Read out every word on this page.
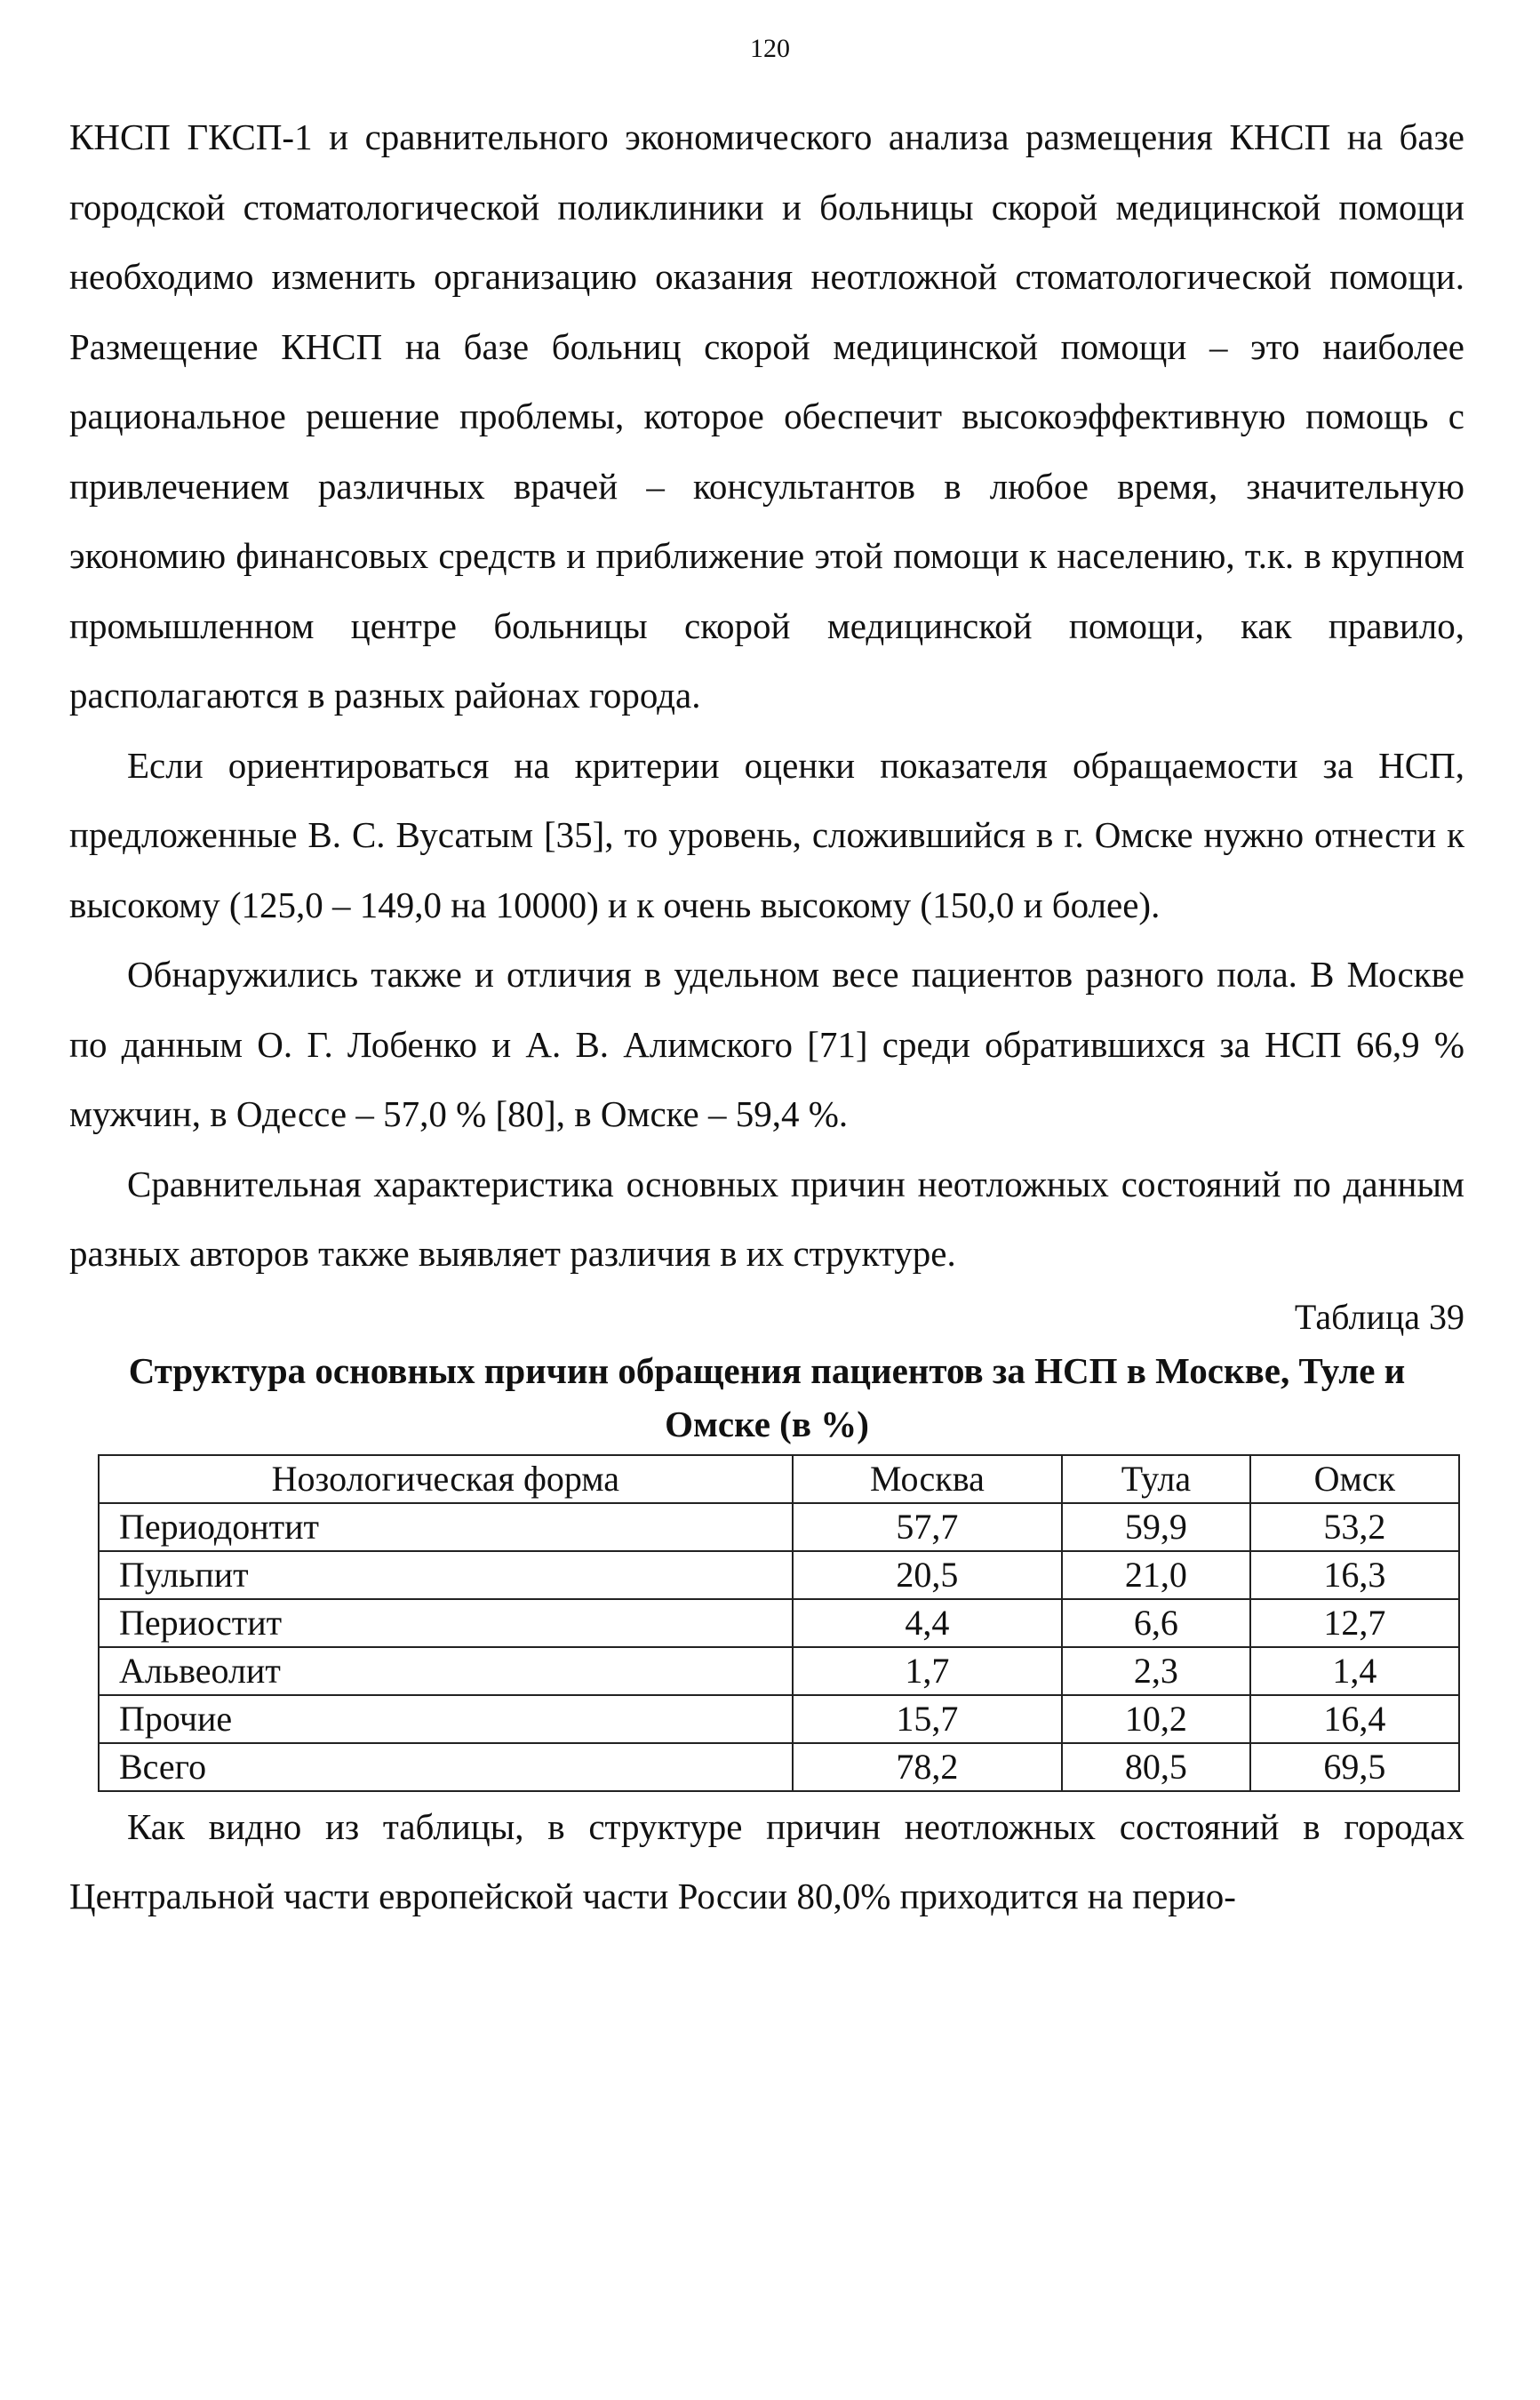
120

КНСП ГКСП-1 и сравнительного экономического анализа размещения КНСП на базе городской стоматологической поликлиники и больницы скорой медицинской помощи необходимо изменить организацию оказания неотложной стоматологической помощи. Размещение КНСП на базе больниц скорой медицинской помощи – это наиболее рациональное решение проблемы, которое обеспечит высокоэффективную помощь с привлечением различных врачей – консультантов в любое время, значительную экономию финансовых средств и приближение этой помощи к населению, т.к. в крупном промышленном центре больницы скорой медицинской помощи, как правило, располагаются в разных районах города.

Если ориентироваться на критерии оценки показателя обращаемости за НСП, предложенные В. С. Вусатым [35], то уровень, сложившийся в г. Омске нужно отнести к высокому (125,0 – 149,0 на 10000) и к очень высокому (150,0 и более).

Обнаружились также и отличия в удельном весе пациентов разного пола. В Москве по данным О. Г. Лобенко и А. В. Алимского [71] среди обратившихся за НСП 66,9 % мужчин, в Одессе – 57,0 % [80], в Омске – 59,4 %.

Сравнительная характеристика основных причин неотложных состояний по данным разных авторов также выявляет различия в их структуре.

Таблица 39
Структура основных причин обращения пациентов за НСП в Москве, Туле и Омске (в %)
Нозологическая форма	Москва	Тула	Омск
Периодонтит	57,7	59,9	53,2
Пульпит	20,5	21,0	16,3
Периостит	4,4	6,6	12,7
Альвеолит	1,7	2,3	1,4
Прочие	15,7	10,2	16,4
Всего	78,2	80,5	69,5

Как видно из таблицы, в структуре причин неотложных состояний в городах Центральной части европейской части России 80,0% приходится на перио-
